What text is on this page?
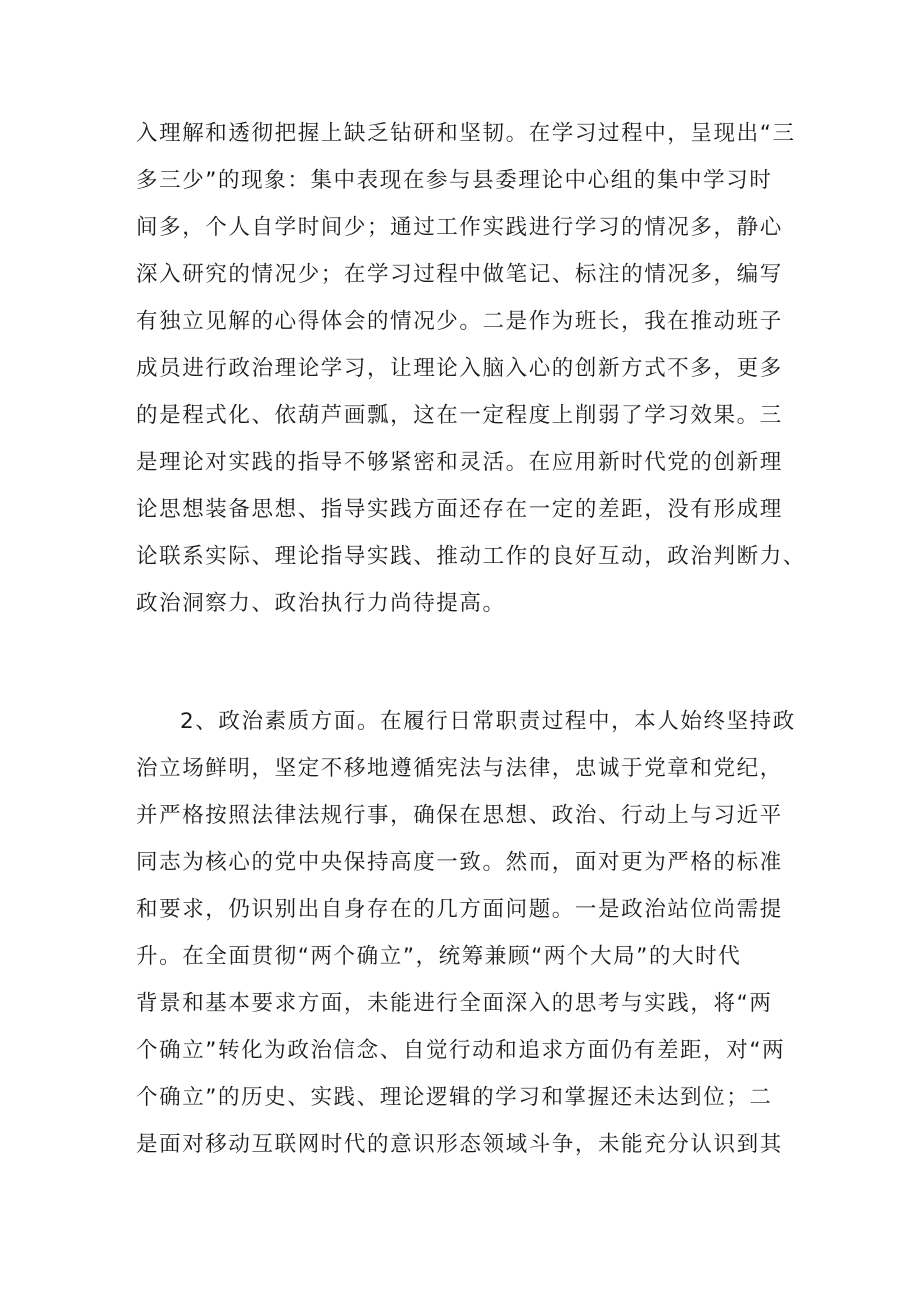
入理解和透彻把握上缺乏钻研和坚韧。在学习过程中，呈现出“三
多三少”的现象：集中表现在参与县委理论中心组的集中学习时
间多，个人自学时间少；通过工作实践进行学习的情况多，静心
深入研究的情况少；在学习过程中做笔记、标注的情况多，编写
有独立见解的心得体会的情况少。二是作为班长，我在推动班子
成员进行政治理论学习，让理论入脑入心的创新方式不多，更多
的是程式化、依葫芦画瓢，这在一定程度上削弱了学习效果。三
是理论对实践的指导不够紧密和灵活。在应用新时代党的创新理
论思想装备思想、指导实践方面还存在一定的差距，没有形成理
论联系实际、理论指导实践、推动工作的良好互动，政治判断力、
政治洞察力、政治执行力尚待提高。
2、政治素质方面。在履行日常职责过程中，本人始终坚持政
治立场鲜明，坚定不移地遵循宪法与法律，忠诚于党章和党纪，
并严格按照法律法规行事，确保在思想、政治、行动上与习近平
同志为核心的党中央保持高度一致。然而，面对更为严格的标准
和要求，仍识别出自身存在的几方面问题。一是政治站位尚需提
升。在全面贯彻“两个确立”，统筹兼顾“两个大局”的大时代
背景和基本要求方面，未能进行全面深入的思考与实践，将“两
个确立”转化为政治信念、自觉行动和追求方面仍有差距，对“两
个确立”的历史、实践、理论逻辑的学习和掌握还未达到位；二
是面对移动互联网时代的意识形态领域斗争，未能充分认识到其
